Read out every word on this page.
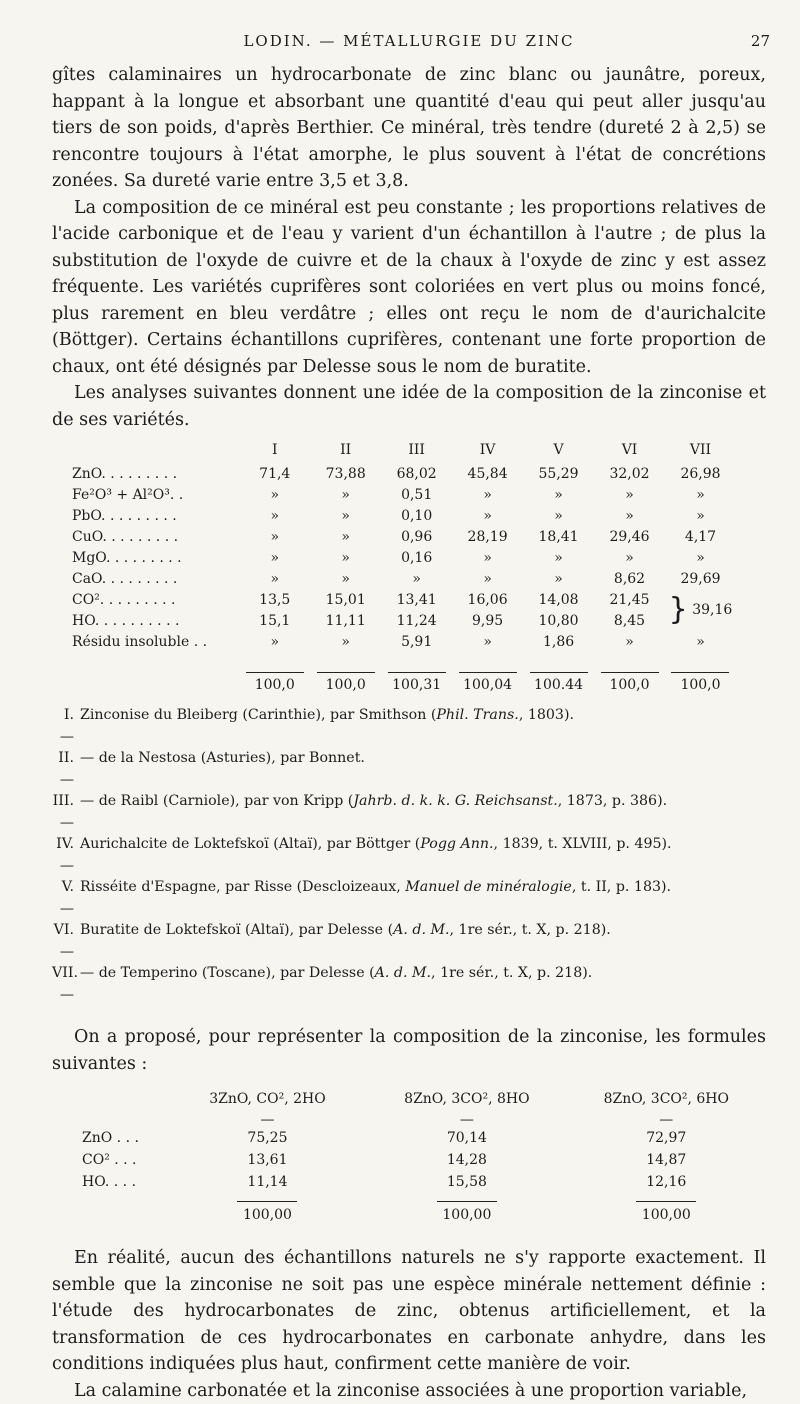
LODIN. — MÉTALLURGIE DU ZINC	27

gîtes calaminaires un hydrocarbonate de zinc blanc ou jaunâtre, poreux, happant à la longue et absorbant une quantité d'eau qui peut aller jusqu'au tiers de son poids, d'après Berthier. Ce minéral, très tendre (dureté 2 à 2,5) se rencontre toujours à l'état amorphe, le plus souvent à l'état de concrétions zonées. Sa dureté varie entre 3,5 et 3,8.

La composition de ce minéral est peu constante ; les proportions relatives de l'acide carbonique et de l'eau y varient d'un échantillon à l'autre ; de plus la substitution de l'oxyde de cuivre et de la chaux à l'oxyde de zinc y est assez fréquente. Les variétés cuprifères sont coloriées en vert plus ou moins foncé, plus rarement en bleu verdâtre ; elles ont reçu le nom de d'aurichalcite (Böttger). Certains échantillons cuprifères, contenant une forte proportion de chaux, ont été désignés par Delesse sous le nom de buratite.

Les analyses suivantes donnent une idée de la composition de la zinconise et de ses variétés.

	I	II	III	IV	V	VI	VII
ZnO. . . . . . . . .	71,4	73,88	68,02	45,84	55,29	32,02	26,98
Fe²O³ + Al²O³. .	»	»	0,51	»	»	»	»
PbO. . . . . . . . .	»	»	0,10	»	»	»	»
CuO. . . . . . . . .	»	»	0,96	28,19	18,41	29,46	4,17
MgO. . . . . . . . .	»	»	0,16	»	»	»	»
CaO. . . . . . . . .	»	»	»	»	»	8,62	29,69
CO². . . . . . . . .	13,5	15,01	13,41	16,06	14,08	21,45	} 39,16
HO. . . . . . . . . .	15,1	11,11	11,24	9,95	10,80	8,45	
Résidu insoluble . .	»	»	5,91	»	1,86	»	»
	100,0	100,0	100,31	100,04	100.44	100,0	100,0
I. —
Zinconise du Bleiberg (Carinthie), par Smithson (Phil. Trans., 1803).
II. —
— de la Nestosa (Asturies), par Bonnet.
III. —
— de Raibl (Carniole), par von Kripp (Jahrb. d. k. k. G. Reichsanst., 1873, p. 386).
IV. —
Aurichalcite de Loktefskoï (Altaï), par Böttger (Pogg Ann., 1839, t. XLVIII, p. 495).
V. —
Risséite d'Espagne, par Risse (Descloizeaux, Manuel de minéralogie, t. II, p. 183).
VI. —
Buratite de Loktefskoï (Altaï), par Delesse (A. d. M., 1re sér., t. X, p. 218).
VII. —
— de Temperino (Toscane), par Delesse (A. d. M., 1re sér., t. X, p. 218).

On a proposé, pour représenter la composition de la zinconise, les formules suivantes :

	3ZnO, CO², 2HO	8ZnO, 3CO², 8HO	8ZnO, 3CO², 6HO
	—	—	—
ZnO . . .	75,25	70,14	72,97
CO² . . .	13,61	14,28	14,87
HO. . . .	11,14	15,58	12,16
	100,00	100,00	100,00

En réalité, aucun des échantillons naturels ne s'y rapporte exactement. Il semble que la zinconise ne soit pas une espèce minérale nettement définie : l'étude des hydrocarbonates de zinc, obtenus artificiellement, et la transformation de ces hydrocarbonates en carbonate anhydre, dans les conditions indiquées plus haut, confirment cette manière de voir.

La calamine carbonatée et la zinconise associées à une proportion variable,
